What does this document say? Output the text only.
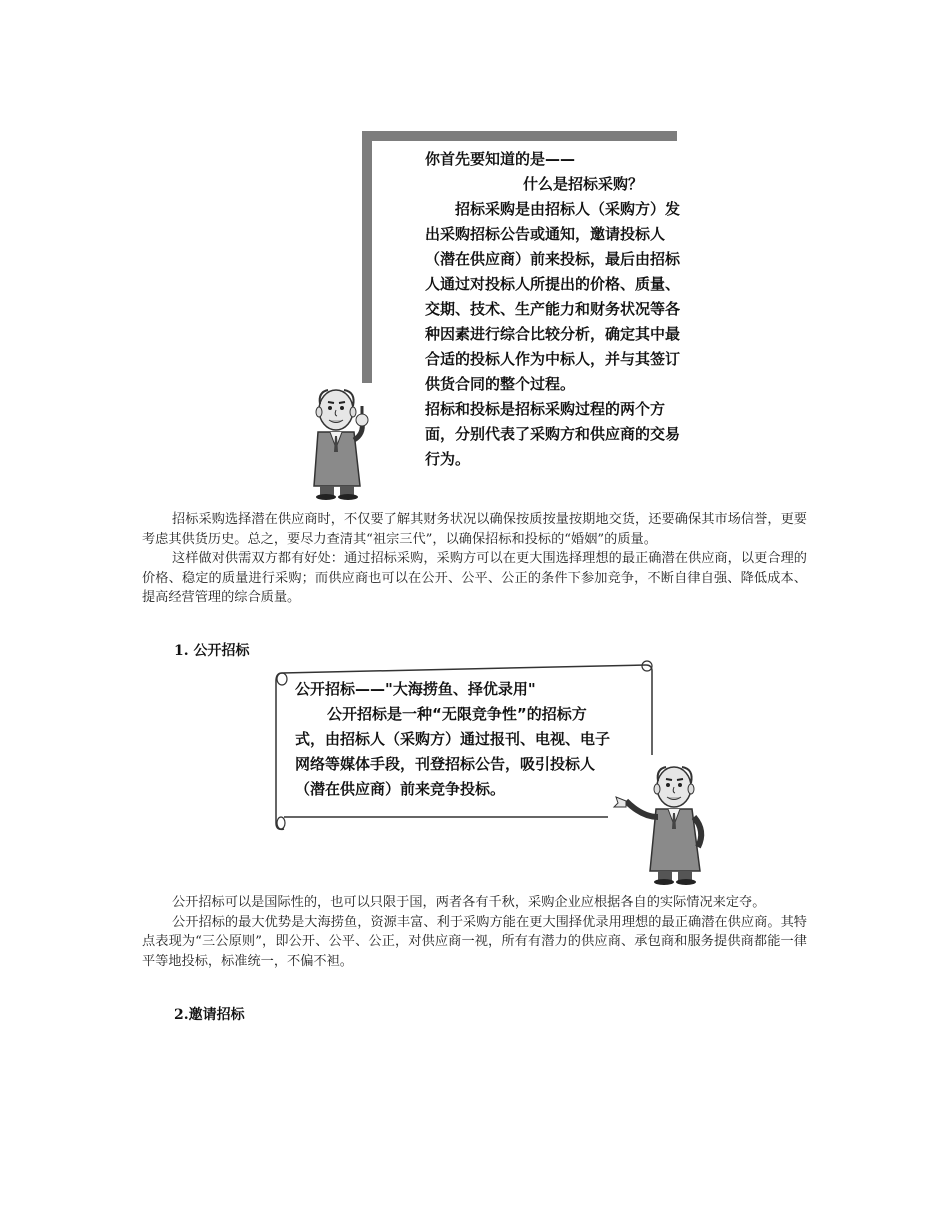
你首先要知道的是——

什么是招标采购？

招标采购是由招标人（采购方）发出采购招标公告或通知，邀请投标人（潜在供应商）前来投标，最后由招标人通过对投标人所提出的价格、质量、交期、技术、生产能力和财务状况等各种因素进行综合比较分析，确定其中最合适的投标人作为中标人，并与其签订供货合同的整个过程。

招标和投标是招标采购过程的两个方面，分别代表了采购方和供应商的交易行为。

招标采购选择潜在供应商时，不仅要了解其财务状况以确保按质按量按期地交货，还要确保其市场信誉，更要考虑其供货历史。总之，要尽力查清其“祖宗三代”，以确保招标和投标的“婚姻”的质量。

这样做对供需双方都有好处：通过招标采购，采购方可以在更大围选择理想的最正确潜在供应商，以更合理的价格、稳定的质量进行采购；而供应商也可以在公开、公平、公正的条件下参加竞争，不断自律自强、降低成本、提高经营管理的综合质量。

1. 公开招标

公开招标——"大海捞鱼、择优录用"

公开招标是一种“无限竞争性”的招标方式，由招标人（采购方）通过报刊、电视、电子网络等媒体手段，刊登招标公告，吸引投标人（潜在供应商）前来竞争投标。

公开招标可以是国际性的，也可以只限于国，两者各有千秋，采购企业应根据各自的实际情况来定夺。

公开招标的最大优势是大海捞鱼，资源丰富、利于采购方能在更大围择优录用理想的最正确潜在供应商。其特点表现为“三公原则”，即公开、公平、公正，对供应商一视，所有有潜力的供应商、承包商和服务提供商都能一律平等地投标，标准统一，不偏不袒。

2.邀请招标
